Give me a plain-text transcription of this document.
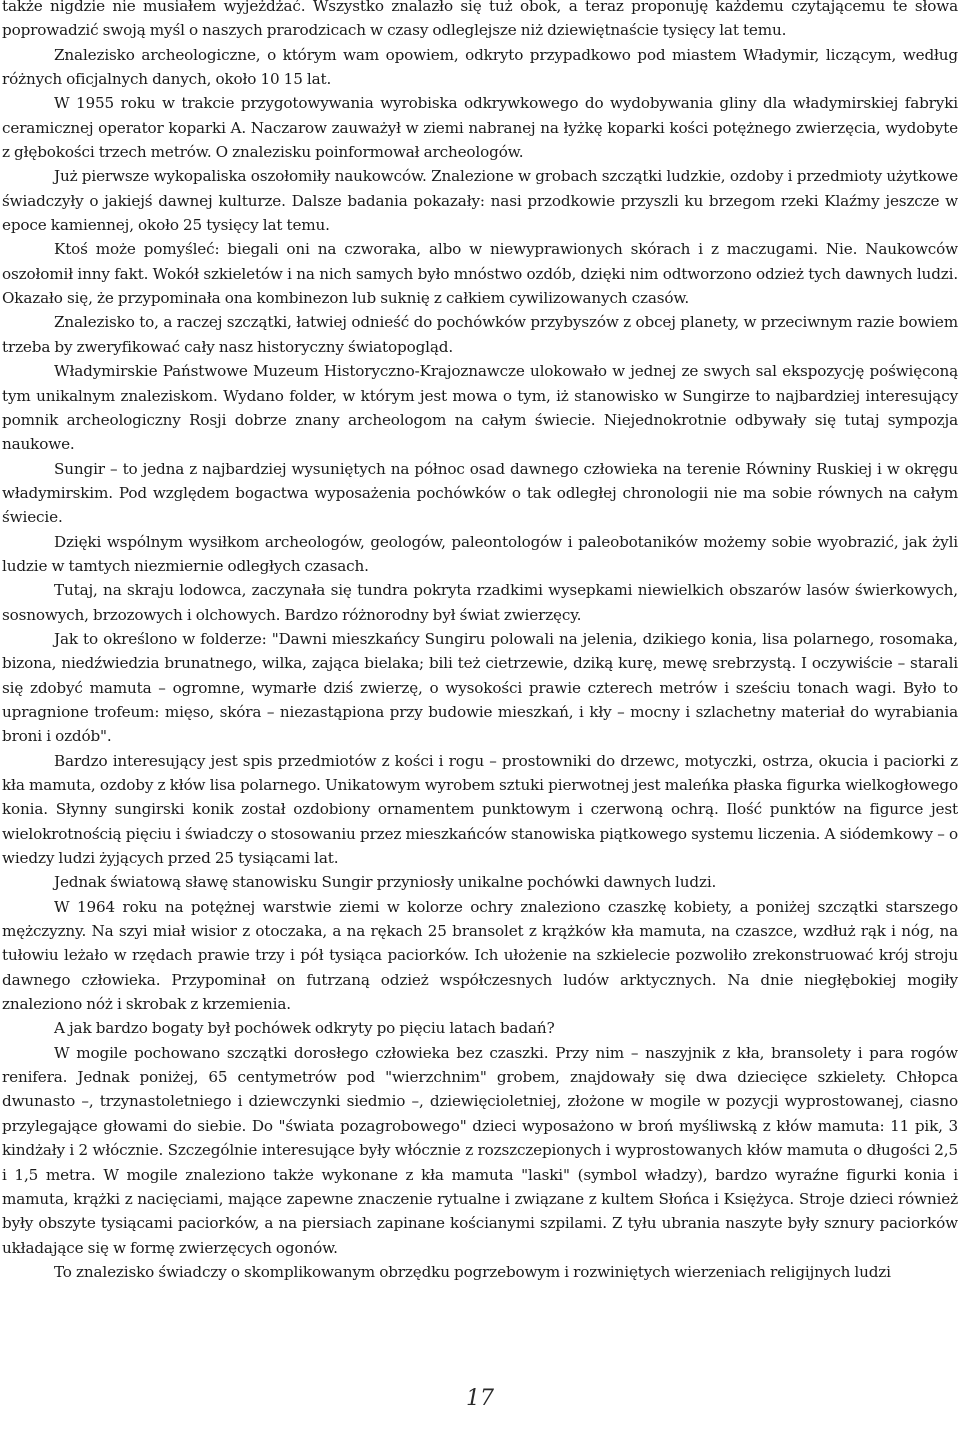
także nigdzie nie musiałem wyjeżdżać. Wszystko znalazło się tuż obok, a teraz proponuję każdemu czytającemu te słowa poprowadzić swoją myśl o naszych prarodzicach w czasy odleglejsze niż dziewiętnaście tysięcy lat temu.

Znalezisko archeologiczne, o którym wam opowiem, odkryto przypadkowo pod miastem Władymir, liczącym, według różnych oficjalnych danych, około 10 15 lat.

W 1955 roku w trakcie przygotowywania wyrobiska odkrywkowego do wydobywania gliny dla władymirskiej fabryki ceramicznej operator koparki A. Naczarow zauważył w ziemi nabranej na łyżkę koparki kości potężnego zwierzęcia, wydobyte z głębokości trzech metrów. O znalezisku poinformował archeologów.

Już pierwsze wykopaliska oszołomiły naukowców. Znalezione w grobach szczątki ludzkie, ozdoby i przedmioty użytkowe świadczyły o jakiejś dawnej kulturze. Dalsze badania pokazały: nasi przodkowie przyszli ku brzegom rzeki Klaźmy jeszcze w epoce kamiennej, około 25 tysięcy lat temu.

Ktoś może pomyśleć: biegali oni na czworaka, albo w niewyprawionych skórach i z maczugami. Nie. Naukowców oszołomił inny fakt. Wokół szkieletów i na nich samych było mnóstwo ozdób, dzięki nim odtworzono odzież tych dawnych ludzi. Okazało się, że przypominała ona kombinezon lub suknię z całkiem cywilizowanych czasów.

Znalezisko to, a raczej szczątki, łatwiej odnieść do pochówków przybyszów z obcej planety, w przeciwnym razie bowiem trzeba by zweryfikować cały nasz historyczny światopogląd.

Władymirskie Państwowe Muzeum Historyczno-Krajoznawcze ulokowało w jednej ze swych sal ekspozycję poświęconą tym unikalnym znaleziskom. Wydano folder, w którym jest mowa o tym, iż stanowisko w Sungirze to najbardziej interesujący pomnik archeologiczny Rosji dobrze znany archeologom na całym świecie. Niejednokrotnie odbywały się tutaj sympozja naukowe.

Sungir – to jedna z najbardziej wysuniętych na północ osad dawnego człowieka na terenie Równiny Ruskiej i w okręgu władymirskim. Pod względem bogactwa wyposażenia pochówków o tak odległej chronologii nie ma sobie równych na całym świecie.

Dzięki wspólnym wysiłkom archeologów, geologów, paleontologów i paleobotaników możemy sobie wyobrazić, jak żyli ludzie w tamtych niezmiernie odległych czasach.

Tutaj, na skraju lodowca, zaczynała się tundra pokryta rzadkimi wysepkami niewielkich obszarów lasów świerkowych, sosnowych, brzozowych i olchowych. Bardzo różnorodny był świat zwierzęcy.

Jak to określono w folderze: "Dawni mieszkańcy Sungiru polowali na jelenia, dzikiego konia, lisa polarnego, rosomaka, bizona, niedźwiedzia brunatnego, wilka, zająca bielaka; bili też cietrzewie, dziką kurę, mewę srebrzystą. I oczywiście – starali się zdobyć mamuta – ogromne, wymarłe dziś zwierzę, o wysokości prawie czterech metrów i sześciu tonach wagi. Było to upragnione trofeum: mięso, skóra – niezastąpiona przy budowie mieszkań, i kły – mocny i szlachetny materiał do wyrabiania broni i ozdób".

Bardzo interesujący jest spis przedmiotów z kości i rogu – prostowniki do drzewc, motyczki, ostrza, okucia i paciorki z kła mamuta, ozdoby z kłów lisa polarnego. Unikatowym wyrobem sztuki pierwotnej jest maleńka płaska figurka wielkogłowego konia. Słynny sungirski konik został ozdobiony ornamentem punktowym i czerwoną ochrą. Ilość punktów na figurce jest wielokrotnością pięciu i świadczy o stosowaniu przez mieszkańców stanowiska piątkowego systemu liczenia. A siódemkowy – o wiedzy ludzi żyjących przed 25 tysiącami lat.

Jednak światową sławę stanowisku Sungir przyniosły unikalne pochówki dawnych ludzi.

W 1964 roku na potężnej warstwie ziemi w kolorze ochry znaleziono czaszkę kobiety, a poniżej szczątki starszego mężczyzny. Na szyi miał wisior z otoczaka, a na rękach 25 bransolet z krążków kła mamuta, na czaszce, wzdłuż rąk i nóg, na tułowiu leżało w rzędach prawie trzy i pół tysiąca paciorków. Ich ułożenie na szkielecie pozwoliło zrekonstruować krój stroju dawnego człowieka. Przypominał on futrzaną odzież współczesnych ludów arktycznych. Na dnie niegłębokiej mogiły znaleziono nóż i skrobak z krzemienia.

A jak bardzo bogaty był pochówek odkryty po pięciu latach badań?

W mogile pochowano szczątki dorosłego człowieka bez czaszki. Przy nim – naszyjnik z kła, bransolety i para rogów renifera. Jednak poniżej, 65 centymetrów pod "wierzchnim" grobem, znajdowały się dwa dziecięce szkielety. Chłopca dwunasto –, trzynastoletniego i dziewczynki siedmio –, dziewięcioletniej, złożone w mogile w pozycji wyprostowanej, ciasno przylegające głowami do siebie. Do "świata pozagrobowego" dzieci wyposażono w broń myśliwską z kłów mamuta: 11 pik, 3 kindżały i 2 włócznie. Szczególnie interesujące były włócznie z rozszczepionych i wyprostowanych kłów mamuta o długości 2,5 i 1,5 metra. W mogile znaleziono także wykonane z kła mamuta "laski" (symbol władzy), bardzo wyraźne figurki konia i mamuta, krążki z nacięciami, mające zapewne znaczenie rytualne i związane z kultem Słońca i Księżyca. Stroje dzieci również były obszyte tysiącami paciorków, a na piersiach zapinane kościanymi szpilami. Z tyłu ubrania naszyte były sznury paciorków układające się w formę zwierzęcych ogonów.

To znalezisko świadczy o skomplikowanym obrzędku pogrzebowym i rozwiniętych wierzeniach religijnych ludzi

17
